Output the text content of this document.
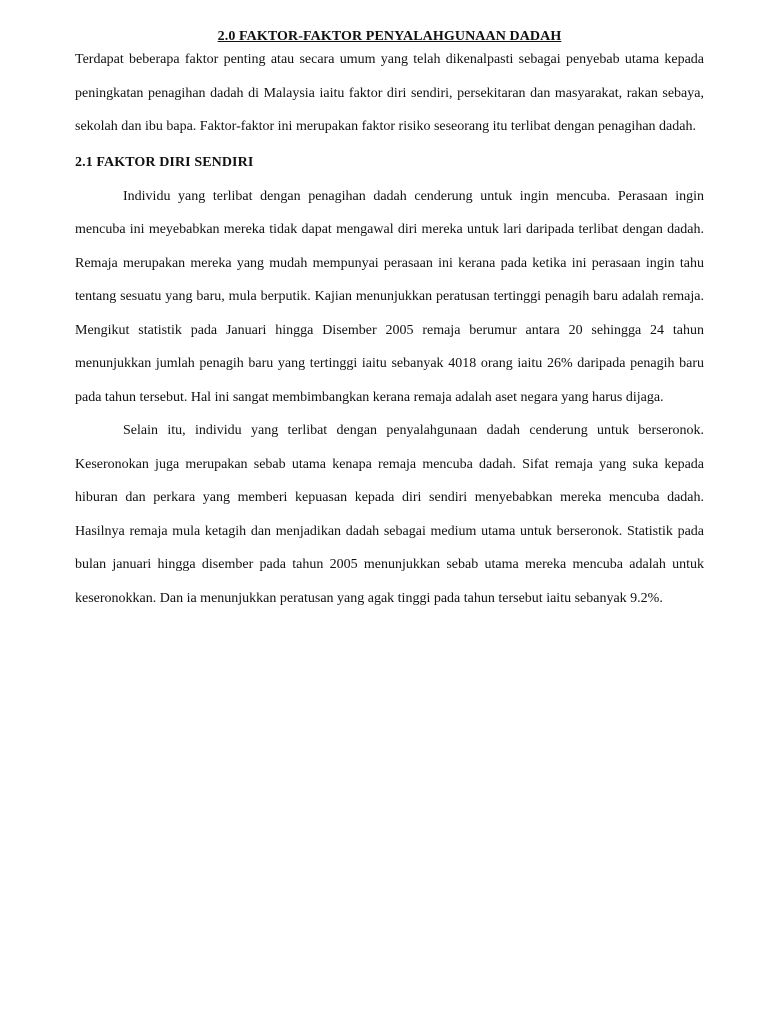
2.0 FAKTOR-FAKTOR PENYALAHGUNAAN DADAH

Terdapat beberapa faktor penting atau secara umum yang telah dikenalpasti sebagai penyebab utama kepada peningkatan penagihan dadah di Malaysia iaitu faktor diri sendiri, persekitaran dan masyarakat, rakan sebaya, sekolah dan ibu bapa. Faktor-faktor ini merupakan faktor risiko seseorang itu terlibat dengan penagihan dadah.

2.1 FAKTOR DIRI SENDIRI

Individu yang terlibat dengan penagihan dadah cenderung untuk ingin mencuba. Perasaan ingin mencuba ini meyebabkan mereka tidak dapat mengawal diri mereka untuk lari daripada terlibat dengan dadah. Remaja merupakan mereka yang mudah mempunyai perasaan ini kerana pada ketika ini perasaan ingin tahu tentang sesuatu yang baru, mula berputik. Kajian menunjukkan peratusan tertinggi penagih baru adalah remaja. Mengikut statistik pada Januari hingga Disember 2005 remaja berumur antara 20 sehingga 24 tahun menunjukkan jumlah penagih baru yang tertinggi iaitu sebanyak 4018 orang iaitu 26% daripada penagih baru pada tahun tersebut. Hal ini sangat membimbangkan kerana remaja adalah aset negara yang harus dijaga.

Selain itu, individu yang terlibat dengan penyalahgunaan dadah cenderung untuk berseronok. Keseronokan juga merupakan sebab utama kenapa remaja mencuba dadah. Sifat remaja yang suka kepada hiburan dan perkara yang memberi kepuasan kepada diri sendiri menyebabkan mereka mencuba dadah. Hasilnya remaja mula ketagih dan menjadikan dadah sebagai medium utama untuk berseronok. Statistik pada bulan januari hingga disember pada tahun 2005 menunjukkan sebab utama mereka mencuba adalah untuk keseronokkan. Dan ia menunjukkan peratusan yang agak tinggi pada tahun tersebut iaitu sebanyak 9.2%.
